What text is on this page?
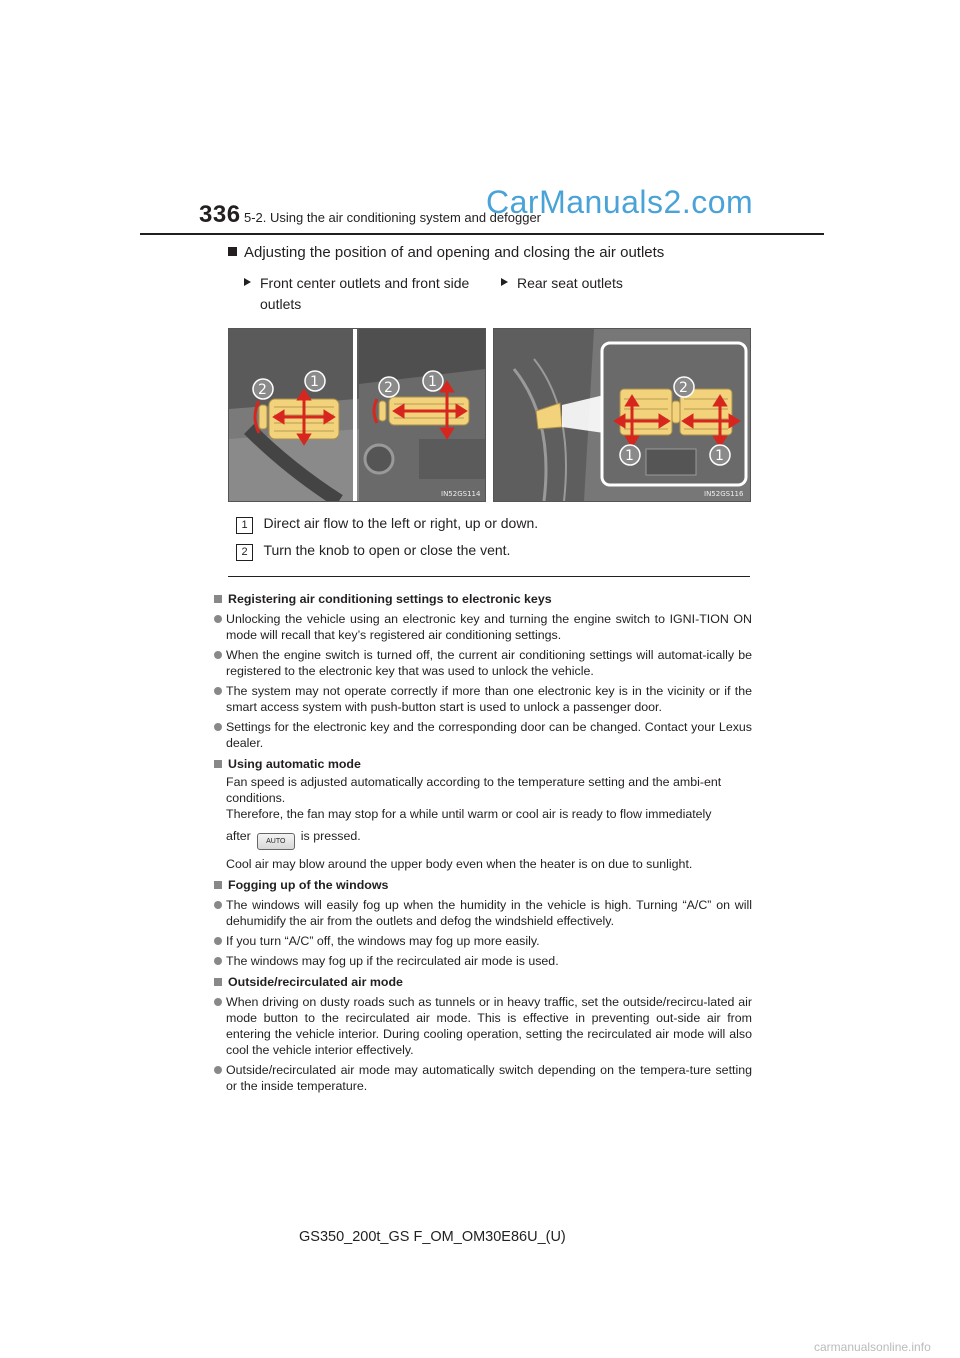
336 5-2. Using the air conditioning system and defogger
CarManuals2.com
Adjusting the position of and opening and closing the air outlets
Front center outlets and front side
outlets
Rear seat outlets
2	1	2	1
IN52GS114
2
1	1
IN52GS116
1 Direct air flow to the left or right, up or down.
2 Turn the knob to open or close the vent.
Registering air conditioning settings to electronic keys
Unlocking the vehicle using an electronic key and turning the engine switch to IGNI-TION ON mode will recall that key’s registered air conditioning settings.
When the engine switch is turned off, the current air conditioning settings will automat-ically be registered to the electronic key that was used to unlock the vehicle.
The system may not operate correctly if more than one electronic key is in the vicinity or if the smart access system with push-button start is used to unlock a passenger door.
Settings for the electronic key and the corresponding door can be changed. Contact your Lexus dealer.
Using automatic mode
Fan speed is adjusted automatically according to the temperature setting and the ambi-ent conditions.
Therefore, the fan may stop for a while until warm or cool air is ready to flow immediately
after AUTO is pressed.
Cool air may blow around the upper body even when the heater is on due to sunlight.
Fogging up of the windows
The windows will easily fog up when the humidity in the vehicle is high. Turning “A/C” on will dehumidify the air from the outlets and defog the windshield effectively.
If you turn “A/C” off, the windows may fog up more easily.
The windows may fog up if the recirculated air mode is used.
Outside/recirculated air mode
When driving on dusty roads such as tunnels or in heavy traffic, set the outside/recircu-lated air mode button to the recirculated air mode. This is effective in preventing out-side air from entering the vehicle interior. During cooling operation, setting the recirculated air mode will also cool the vehicle interior effectively.
Outside/recirculated air mode may automatically switch depending on the tempera-ture setting or the inside temperature.
GS350_200t_GS F_OM_OM30E86U_(U)
carmanualsonline.info
